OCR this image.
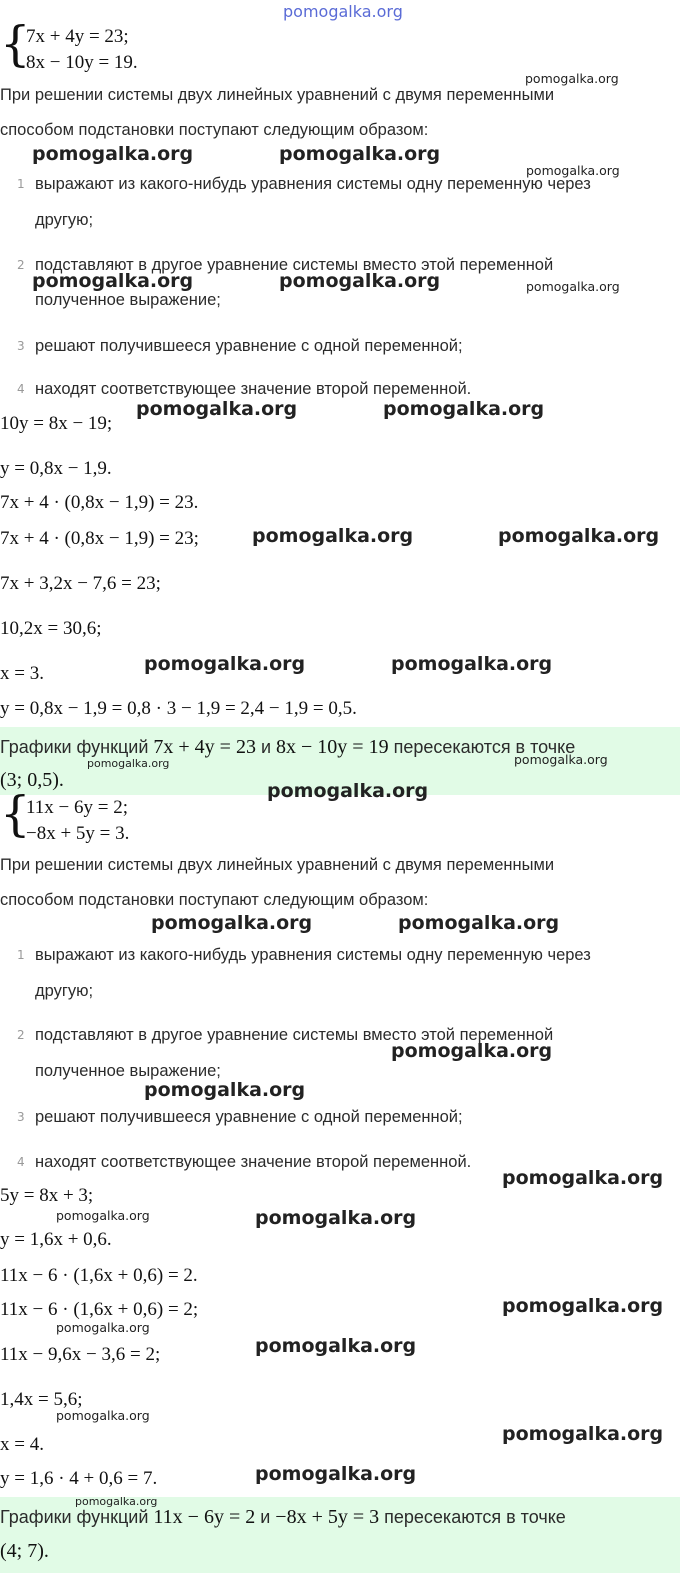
pomogalka.org
{
7x + 4y = 23;
8x − 10y = 19.
При решении системы двух линейных уравнений с двумя переменными
способом подстановки поступают следующим образом:
1 выражают из какого-нибудь уравнения системы одну переменную через
другую;
2 подставляют в другое уравнение системы вместо этой переменной
полученное выражение;
3 решают получившееся уравнение с одной переменной;
4 находят соответствующее значение второй переменной.
10y = 8x − 19;
y = 0,8x − 1,9.
7x + 4 · (0,8x − 1,9) = 23.
7x + 4 · (0,8x − 1,9) = 23;
7x + 3,2x − 7,6 = 23;
10,2x = 30,6;
x = 3.
y = 0,8x − 1,9 = 0,8 · 3 − 1,9 = 2,4 − 1,9 = 0,5.
Графики функций 7x + 4y = 23 и 8x − 10y = 19 пересекаются в точке
(3; 0,5).
{
11x − 6y = 2;
−8x + 5y = 3.
При решении системы двух линейных уравнений с двумя переменными
способом подстановки поступают следующим образом:
1 выражают из какого-нибудь уравнения системы одну переменную через
другую;
2 подставляют в другое уравнение системы вместо этой переменной
полученное выражение;
3 решают получившееся уравнение с одной переменной;
4 находят соответствующее значение второй переменной.
5y = 8x + 3;
y = 1,6x + 0,6.
11x − 6 · (1,6x + 0,6) = 2.
11x − 6 · (1,6x + 0,6) = 2;
11x − 9,6x − 3,6 = 2;
1,4x = 5,6;
x = 4.
y = 1,6 · 4 + 0,6 = 7.
Графики функций 11x − 6y = 2 и −8x + 5y = 3 пересекаются в точке
(4; 7).
pomogalka.org
pomogalka.org	pomogalka.org
pomogalka.org
pomogalka.org	pomogalka.org	pomogalka.org
pomogalka.org	pomogalka.org
pomogalka.org	pomogalka.org
pomogalka.org	pomogalka.org
pomogalka.org
pomogalka.org
pomogalka.org
pomogalka.org	pomogalka.org
pomogalka.org
pomogalka.org
pomogalka.org
pomogalka.org	pomogalka.org
pomogalka.org
pomogalka.org
pomogalka.org
pomogalka.org
pomogalka.org
pomogalka.org
pomogalka.org
